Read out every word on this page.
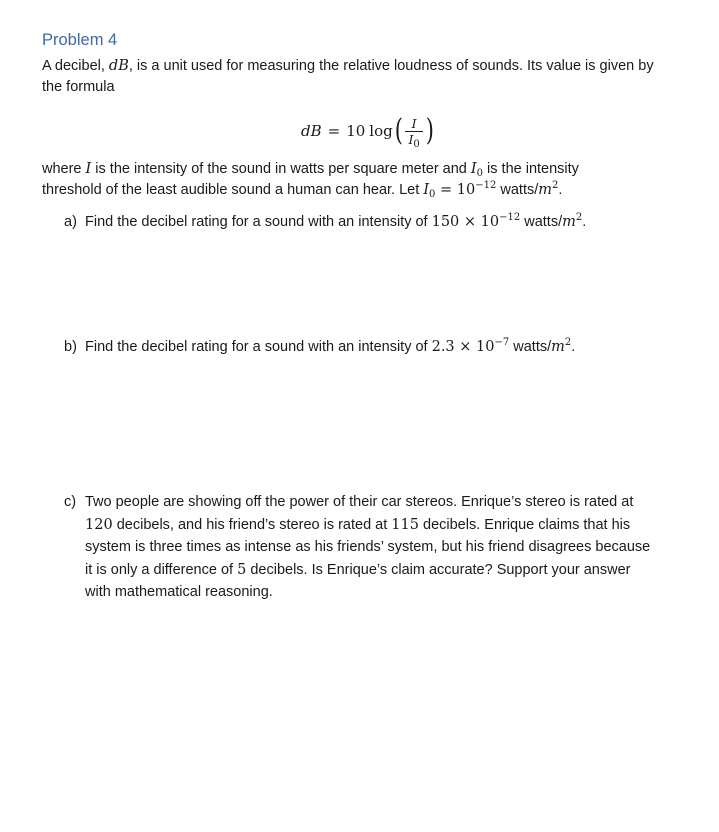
Problem 4
A decibel, dB, is a unit used for measuring the relative loudness of sounds. Its value is given by
the formula
dB = 10 log ( $\frac{I}{I_0}$ )
where I is the intensity of the sound in watts per square meter and $I_0$ is the intensity
threshold of the least audible sound a human can hear. Let $I_0 = 10^{-12}$ watts/$m^2$.
a) Find the decibel rating for a sound with an intensity of $150 \times 10^{-12}$ watts/$m^2$.
b) Find the decibel rating for a sound with an intensity of $2.3 \times 10^{-7}$ watts/$m^2$.
c) Two people are showing off the power of their car stereos. Enrique’s stereo is rated at
120 decibels, and his friend’s stereo is rated at 115 decibels. Enrique claims that his
system is three times as intense as his friends’ system, but his friend disagrees because
it is only a difference of 5 decibels. Is Enrique’s claim accurate? Support your answer
with mathematical reasoning.
